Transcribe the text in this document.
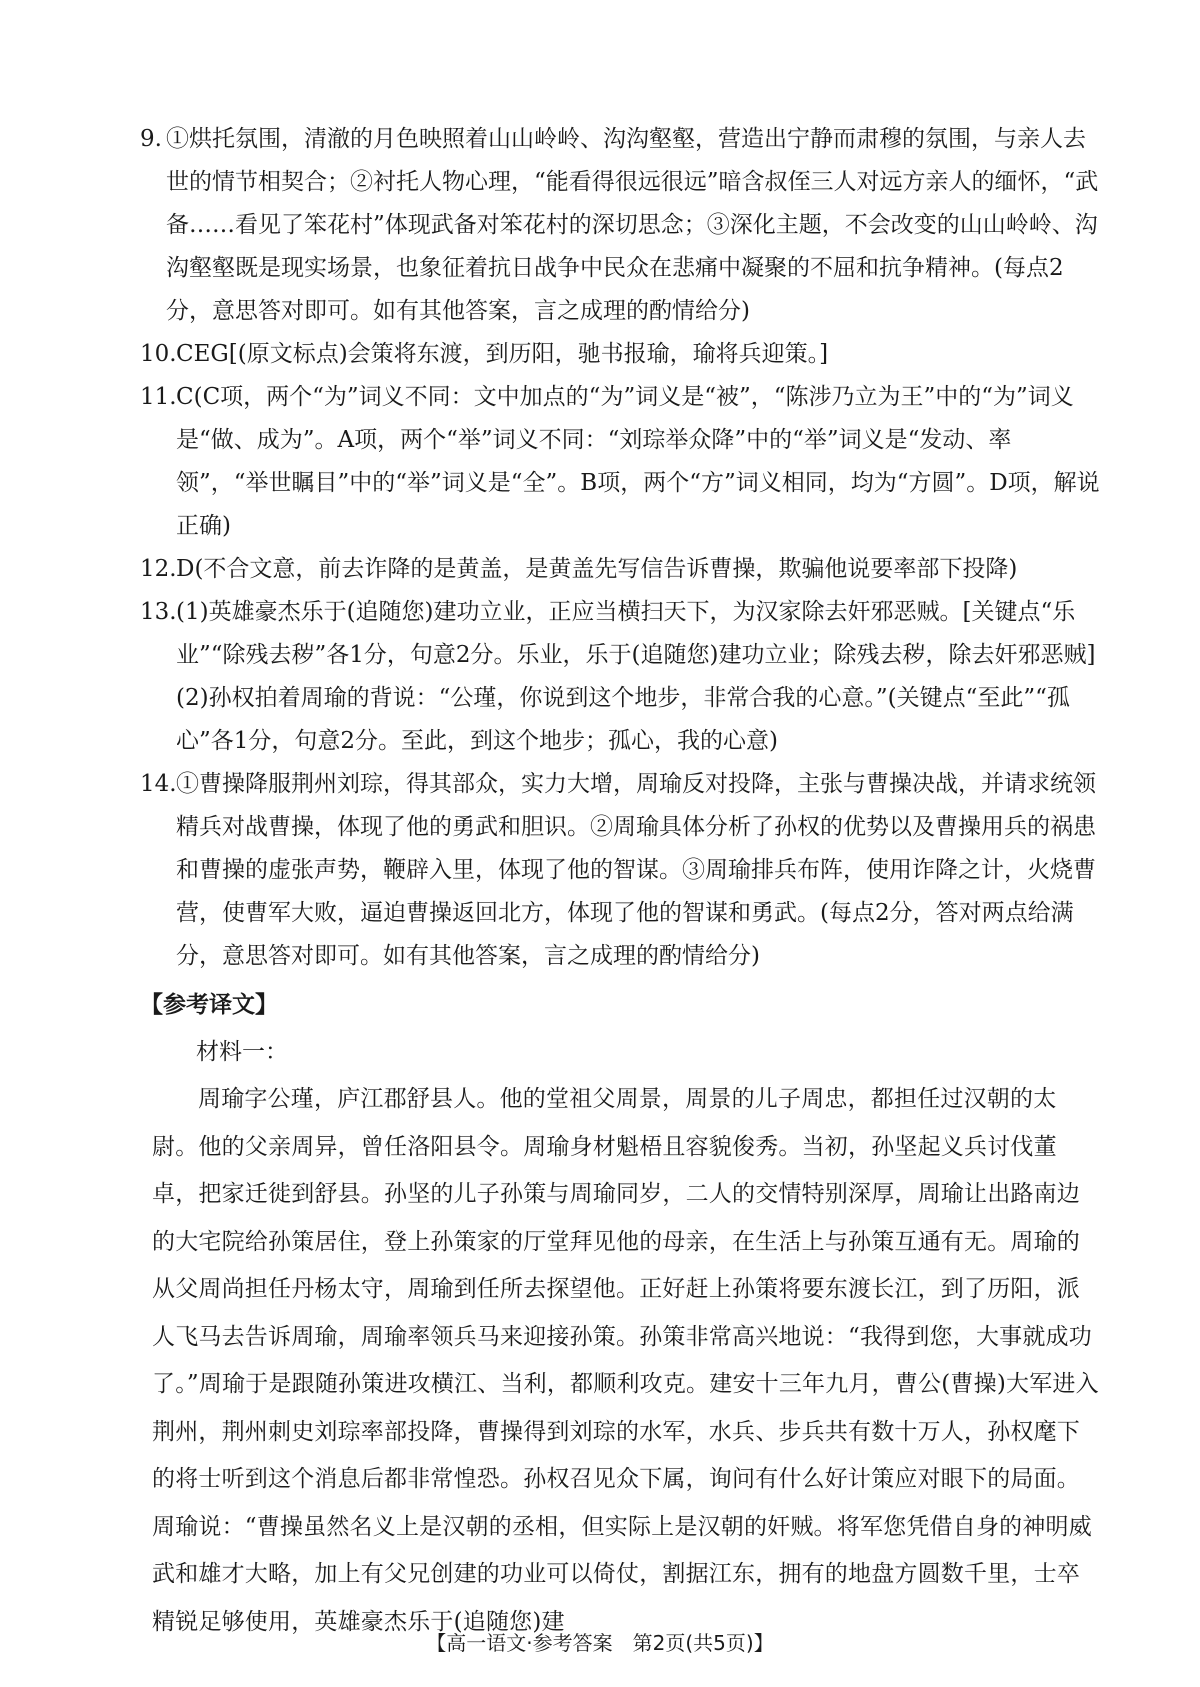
9. ①烘托氛围，清澈的月色映照着山山岭岭、沟沟壑壑，营造出宁静而肃穆的氛围，与亲人去世的情节相契合；②衬托人物心理，“能看得很远很远”暗含叔侄三人对远方亲人的缅怀，“武备……看见了笨花村”体现武备对笨花村的深切思念；③深化主题，不会改变的山山岭岭、沟沟壑壑既是现实场景，也象征着抗日战争中民众在悲痛中凝聚的不屈和抗争精神。(每点2分，意思答对即可。如有其他答案，言之成理的酌情给分)
10. CEG[(原文标点)会策将东渡，到历阳，驰书报瑜，瑜将兵迎策。]
11. C(C项，两个“为”词义不同：文中加点的“为”词义是“被”，“陈涉乃立为王”中的“为”词义是“做、成为”。A项，两个“举”词义不同：“刘琮举众降”中的“举”词义是“发动、率领”，“举世瞩目”中的“举”词义是“全”。B项，两个“方”词义相同，均为“方圆”。D项，解说正确)
12. D(不合文意，前去诈降的是黄盖，是黄盖先写信告诉曹操，欺骗他说要率部下投降)
13. (1)英雄豪杰乐于(追随您)建功立业，正应当横扫天下，为汉家除去奸邪恶贼。[关键点“乐业”“除残去秽”各1分，句意2分。乐业，乐于(追随您)建功立业；除残去秽，除去奸邪恶贼] (2)孙权拍着周瑜的背说：“公瑾，你说到这个地步，非常合我的心意。”(关键点“至此”“孤心”各1分，句意2分。至此，到这个地步；孤心，我的心意)
14. ①曹操降服荆州刘琮，得其部众，实力大增，周瑜反对投降，主张与曹操决战，并请求统领精兵对战曹操，体现了他的勇武和胆识。②周瑜具体分析了孙权的优势以及曹操用兵的祸患和曹操的虚张声势，鞭辟入里，体现了他的智谋。③周瑜排兵布阵，使用诈降之计，火烧曹营，使曹军大败，逼迫曹操返回北方，体现了他的智谋和勇武。(每点2分，答对两点给满分，意思答对即可。如有其他答案，言之成理的酌情给分)
【参考译文】
材料一：
周瑜字公瑾，庐江郡舒县人。他的堂祖父周景，周景的儿子周忠，都担任过汉朝的太尉。他的父亲周异，曾任洛阳县令。周瑜身材魁梧且容貌俊秀。当初，孙坚起义兵讨伐董卓，把家迁徙到舒县。孙坚的儿子孙策与周瑜同岁，二人的交情特别深厚，周瑜让出路南边的大宅院给孙策居住，登上孙策家的厅堂拜见他的母亲，在生活上与孙策互通有无。周瑜的从父周尚担任丹杨太守，周瑜到任所去探望他。正好赶上孙策将要东渡长江，到了历阳，派人飞马去告诉周瑜，周瑜率领兵马来迎接孙策。孙策非常高兴地说：“我得到您，大事就成功了。”周瑜于是跟随孙策进攻横江、当利，都顺利攻克。建安十三年九月，曹公(曹操)大军进入荆州，荆州刺史刘琮率部投降，曹操得到刘琮的水军，水兵、步兵共有数十万人，孙权麾下的将士听到这个消息后都非常惶恐。孙权召见众下属，询问有什么好计策应对眼下的局面。周瑜说：“曹操虽然名义上是汉朝的丞相，但实际上是汉朝的奸贼。将军您凭借自身的神明威武和雄才大略，加上有父兄创建的功业可以倚仗，割据江东，拥有的地盘方圆数千里，士卒精锐足够使用，英雄豪杰乐于(追随您)建
【高一语文·参考答案　第2页(共5页)】
